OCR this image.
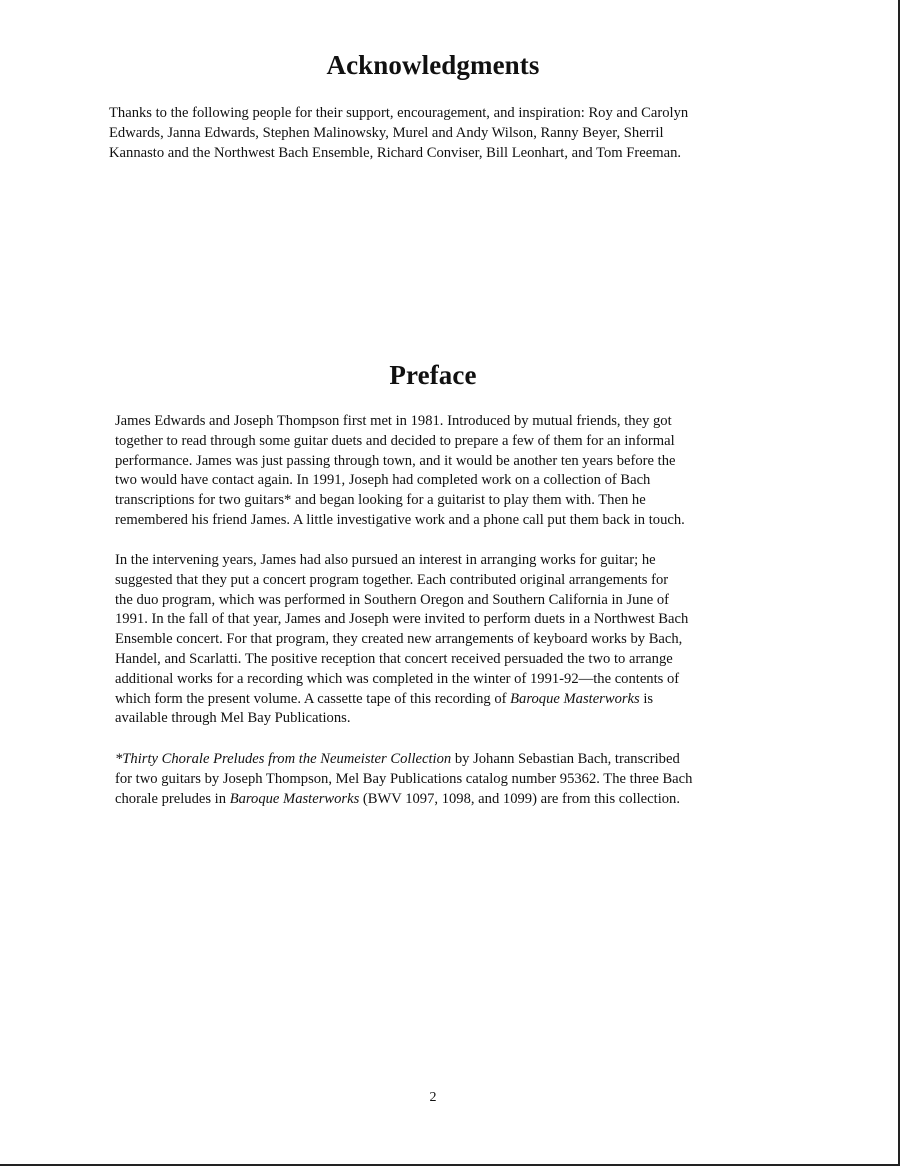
Acknowledgments

Thanks to the following people for their support, encouragement, and inspiration: Roy and Carolyn
Edwards, Janna Edwards, Stephen Malinowsky, Murel and Andy Wilson, Ranny Beyer, Sherril
Kannasto and the Northwest Bach Ensemble, Richard Conviser, Bill Leonhart, and Tom Freeman.

Preface

James Edwards and Joseph Thompson first met in 1981. Introduced by mutual friends, they got
together to read through some guitar duets and decided to prepare a few of them for an informal
performance. James was just passing through town, and it would be another ten years before the
two would have contact again. In 1991, Joseph had completed work on a collection of Bach
transcriptions for two guitars* and began looking for a guitarist to play them with. Then he
remembered his friend James. A little investigative work and a phone call put them back in touch.

In the intervening years, James had also pursued an interest in arranging works for guitar; he
suggested that they put a concert program together. Each contributed original arrangements for
the duo program, which was performed in Southern Oregon and Southern California in June of
1991. In the fall of that year, James and Joseph were invited to perform duets in a Northwest Bach
Ensemble concert. For that program, they created new arrangements of keyboard works by Bach,
Handel, and Scarlatti. The positive reception that concert received persuaded the two to arrange
additional works for a recording which was completed in the winter of 1991-92—the contents of
which form the present volume. A cassette tape of this recording of Baroque Masterworks is
available through Mel Bay Publications.

*Thirty Chorale Preludes from the Neumeister Collection by Johann Sebastian Bach, transcribed
for two guitars by Joseph Thompson, Mel Bay Publications catalog number 95362. The three Bach
chorale preludes in Baroque Masterworks (BWV 1097, 1098, and 1099) are from this collection.

2
